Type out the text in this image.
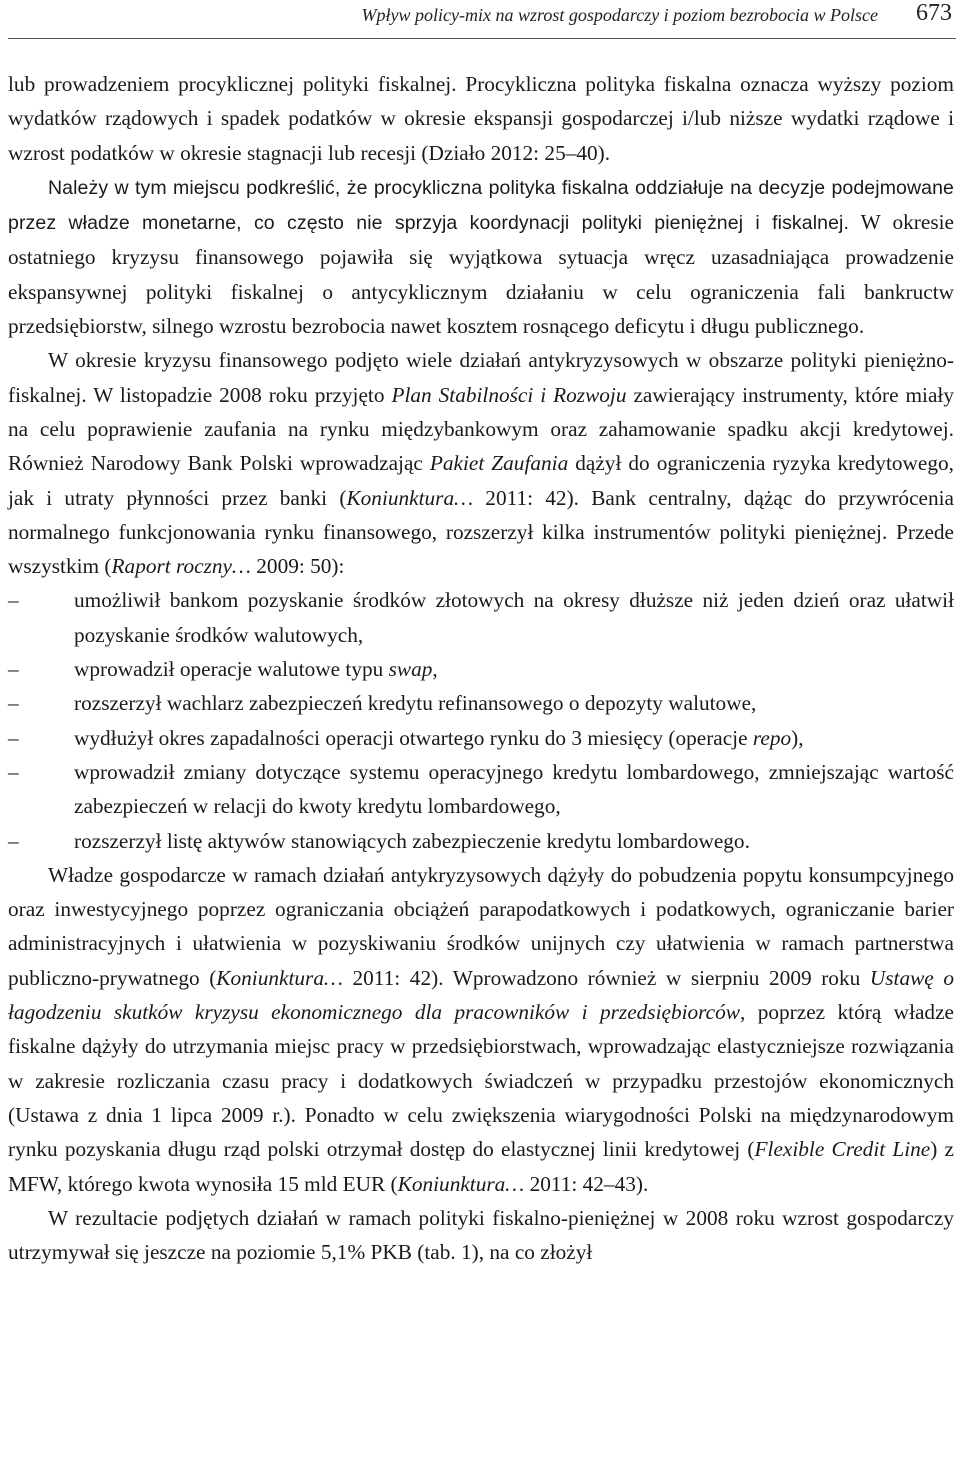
Wpływ policy-mix na wzrost gospodarczy i poziom bezrobocia w Polsce 673

lub prowadzeniem procyklicznej polityki fiskalnej. Procykliczna polityka fiskalna oznacza wyższy poziom wydatków rządowych i spadek podatków w okresie ekspansji gospodarczej i/lub niższe wydatki rządowe i wzrost podatków w okresie stagnacji lub recesji (Działo 2012: 25–40).

Należy w tym miejscu podkreślić, że procykliczna polityka fiskalna oddziałuje na decyzje podejmowane przez władze monetarne, co często nie sprzyja koordynacji polityki pieniężnej i fiskalnej. W okresie ostatniego kryzysu finansowego pojawiła się wyjątkowa sytuacja wręcz uzasadniająca prowadzenie ekspansywnej polityki fiskalnej o antycyklicznym działaniu w celu ograniczenia fali bankructw przedsiębiorstw, silnego wzrostu bezrobocia nawet kosztem rosnącego deficytu i długu publicznego.

W okresie kryzysu finansowego podjęto wiele działań antykryzysowych w obszarze polityki pieniężno-fiskalnej. W listopadzie 2008 roku przyjęto Plan Stabilności i Rozwoju zawierający instrumenty, które miały na celu poprawienie zaufania na rynku międzybankowym oraz zahamowanie spadku akcji kredytowej. Również Narodowy Bank Polski wprowadzając Pakiet Zaufania dążył do ograniczenia ryzyka kredytowego, jak i utraty płynności przez banki (Koniunktura… 2011: 42). Bank centralny, dążąc do przywrócenia normalnego funkcjonowania rynku finansowego, rozszerzył kilka instrumentów polityki pieniężnej. Przede wszystkim (Raport roczny… 2009: 50):

–	umożliwił bankom pozyskanie środków złotowych na okresy dłuższe niż jeden dzień oraz ułatwił pozyskanie środków walutowych,
–	wprowadził operacje walutowe typu swap,
–	rozszerzył wachlarz zabezpieczeń kredytu refinansowego o depozyty walutowe,
–	wydłużył okres zapadalności operacji otwartego rynku do 3 miesięcy (operacje repo),
–	wprowadził zmiany dotyczące systemu operacyjnego kredytu lombardowego, zmniejszając wartość zabezpieczeń w relacji do kwoty kredytu lombardowego,
–	rozszerzył listę aktywów stanowiących zabezpieczenie kredytu lombardowego.

Władze gospodarcze w ramach działań antykryzysowych dążyły do pobudzenia popytu konsumpcyjnego oraz inwestycyjnego poprzez ograniczania obciążeń parapodatkowych i podatkowych, ograniczanie barier administracyjnych i ułatwienia w pozyskiwaniu środków unijnych czy ułatwienia w ramach partnerstwa publiczno-prywatnego (Koniunktura… 2011: 42). Wprowadzono również w sierpniu 2009 roku Ustawę o łagodzeniu skutków kryzysu ekonomicznego dla pracowników i przedsiębiorców, poprzez którą władze fiskalne dążyły do utrzymania miejsc pracy w przedsiębiorstwach, wprowadzając elastyczniejsze rozwiązania w zakresie rozliczania czasu pracy i dodatkowych świadczeń w przypadku przestojów ekonomicznych (Ustawa z dnia 1 lipca 2009 r.). Ponadto w celu zwiększenia wiarygodności Polski na międzynarodowym rynku pozyskania długu rząd polski otrzymał dostęp do elastycznej linii kredytowej (Flexible Credit Line) z MFW, którego kwota wynosiła 15 mld EUR (Koniunktura… 2011: 42–43).

W rezultacie podjętych działań w ramach polityki fiskalno-pieniężnej w 2008 roku wzrost gospodarczy utrzymywał się jeszcze na poziomie 5,1% PKB (tab. 1), na co złożył
